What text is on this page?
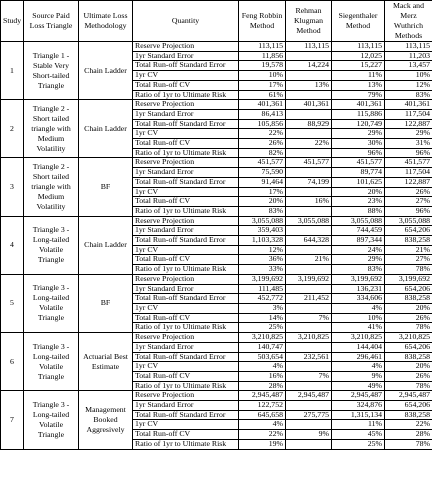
Study	Source Paid Loss Triangle	Ultimate Loss Methodology	Quantity	Feng Robbin Method	Rehman Klugman Method	Siegenthaler Method	Mack and Merz Wuthrich Methods
1	Triangle 1 - Stable Very Short-tailed Triangle	Chain Ladder	Reserve Projection	113,115	113,115	113,115	113,115
			1yr Standard Error	11,856		12,025	11,203
			Total Run-off Standard Error	19,578	14,224	15,227	13,457
			1yr CV	10%		11%	10%
			Total Run-off CV	17%	13%	13%	12%
			Ratio of 1yr to Ultimate Risk	61%		79%	83%
2	Triangle 2 - Short tailed triangle with Medium Volatility	Chain Ladder	Reserve Projection	401,361	401,361	401,361	401,361
			1yr Standard Error	86,413		115,886	117,504
			Total Run-off Standard Error	105,856	88,929	120,749	122,887
			1yr CV	22%		29%	29%
			Total Run-off CV	26%	22%	30%	31%
			Ratio of 1yr to Ultimate Risk	82%		96%	96%
3	Triangle 2 - Short tailed triangle with Medium Volatility	BF	Reserve Projection	451,577	451,577	451,577	451,577
			1yr Standard Error	75,590		89,774	117,504
			Total Run-off Standard Error	91,464	74,199	101,625	122,887
			1yr CV	17%		20%	26%
			Total Run-off CV	20%	16%	23%	27%
			Ratio of 1yr to Ultimate Risk	83%		88%	96%
4	Triangle 3 - Long-tailed Volatile Triangle	Chain Ladder	Reserve Projection	3,055,088	3,055,088	3,055,088	3,055,088
			1yr Standard Error	359,403		744,459	654,206
			Total Run-off Standard Error	1,103,328	644,328	897,344	838,258
			1yr CV	12%		24%	21%
			Total Run-off CV	36%	21%	29%	27%
			Ratio of 1yr to Ultimate Risk	33%		83%	78%
5	Triangle 3 - Long-tailed Volatile Triangle	BF	Reserve Projection	3,199,692	3,199,692	3,199,692	3,199,692
			1yr Standard Error	111,485		136,231	654,206
			Total Run-off Standard Error	452,772	211,452	334,606	838,258
			1yr CV	3%		4%	20%
			Total Run-off CV	14%	7%	10%	26%
			Ratio of 1yr to Ultimate Risk	25%		41%	78%
6	Triangle 3 - Long-tailed Volatile Triangle	Actuarial Best Estimate	Reserve Projection	3,210,825	3,210,825	3,210,825	3,210,825
			1yr Standard Error	140,747		144,404	654,206
			Total Run-off Standard Error	503,654	232,561	296,461	838,258
			1yr CV	4%		4%	20%
			Total Run-off CV	16%	7%	9%	26%
			Ratio of 1yr to Ultimate Risk	28%		49%	78%
7	Triangle 3 - Long-tailed Volatile Triangle	Management Booked Aggresively	Reserve Projection	2,945,487	2,945,487	2,945,487	2,945,487
			1yr Standard Error	122,752		324,876	654,206
			Total Run-off Standard Error	645,658	275,775	1,315,134	838,258
			1yr CV	4%		11%	22%
			Total Run-off CV	22%	9%	45%	28%
			Ratio of 1yr to Ultimate Risk	19%		25%	78%
